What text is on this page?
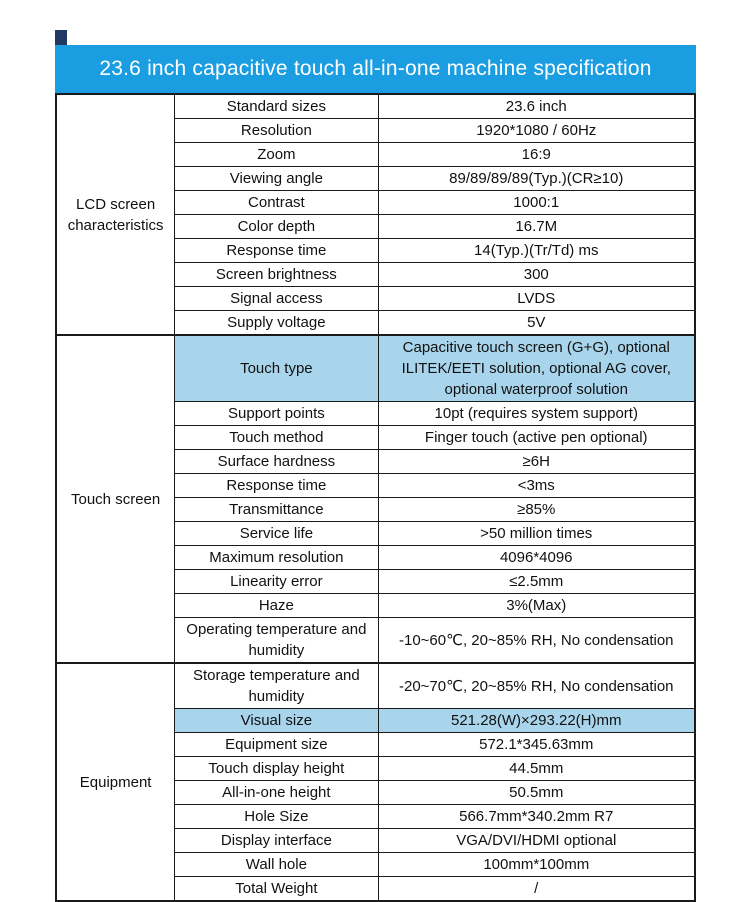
23.6 inch capacitive touch all-in-one machine specification
LCD screen characteristics	Standard sizes	23.6 inch
	Resolution	1920*1080 / 60Hz
	Zoom	16:9
	Viewing angle	89/89/89/89(Typ.)(CR≥10)
	Contrast	1000:1
	Color depth	16.7M
	Response time	14(Typ.)(Tr/Td) ms
	Screen brightness	300
	Signal access	LVDS
	Supply voltage	5V
Touch screen	Touch type	Capacitive touch screen (G+G), optional ILITEK/EETI solution, optional AG cover, optional waterproof solution
	Support points	10pt (requires system support)
	Touch method	Finger touch (active pen optional)
	Surface hardness	≥6H
	Response time	<3ms
	Transmittance	≥85%
	Service life	>50 million times
	Maximum resolution	4096*4096
	Linearity error	≤2.5mm
	Haze	3%(Max)
	Operating temperature and humidity	-10~60℃, 20~85% RH, No condensation
Equipment	Storage temperature and humidity	-20~70℃, 20~85% RH, No condensation
	Visual size	521.28(W)×293.22(H)mm
	Equipment size	572.1*345.63mm
	Touch display height	44.5mm
	All-in-one height	50.5mm
	Hole Size	566.7mm*340.2mm R7
	Display interface	VGA/DVI/HDMI optional
	Wall hole	100mm*100mm
	Total Weight	/
